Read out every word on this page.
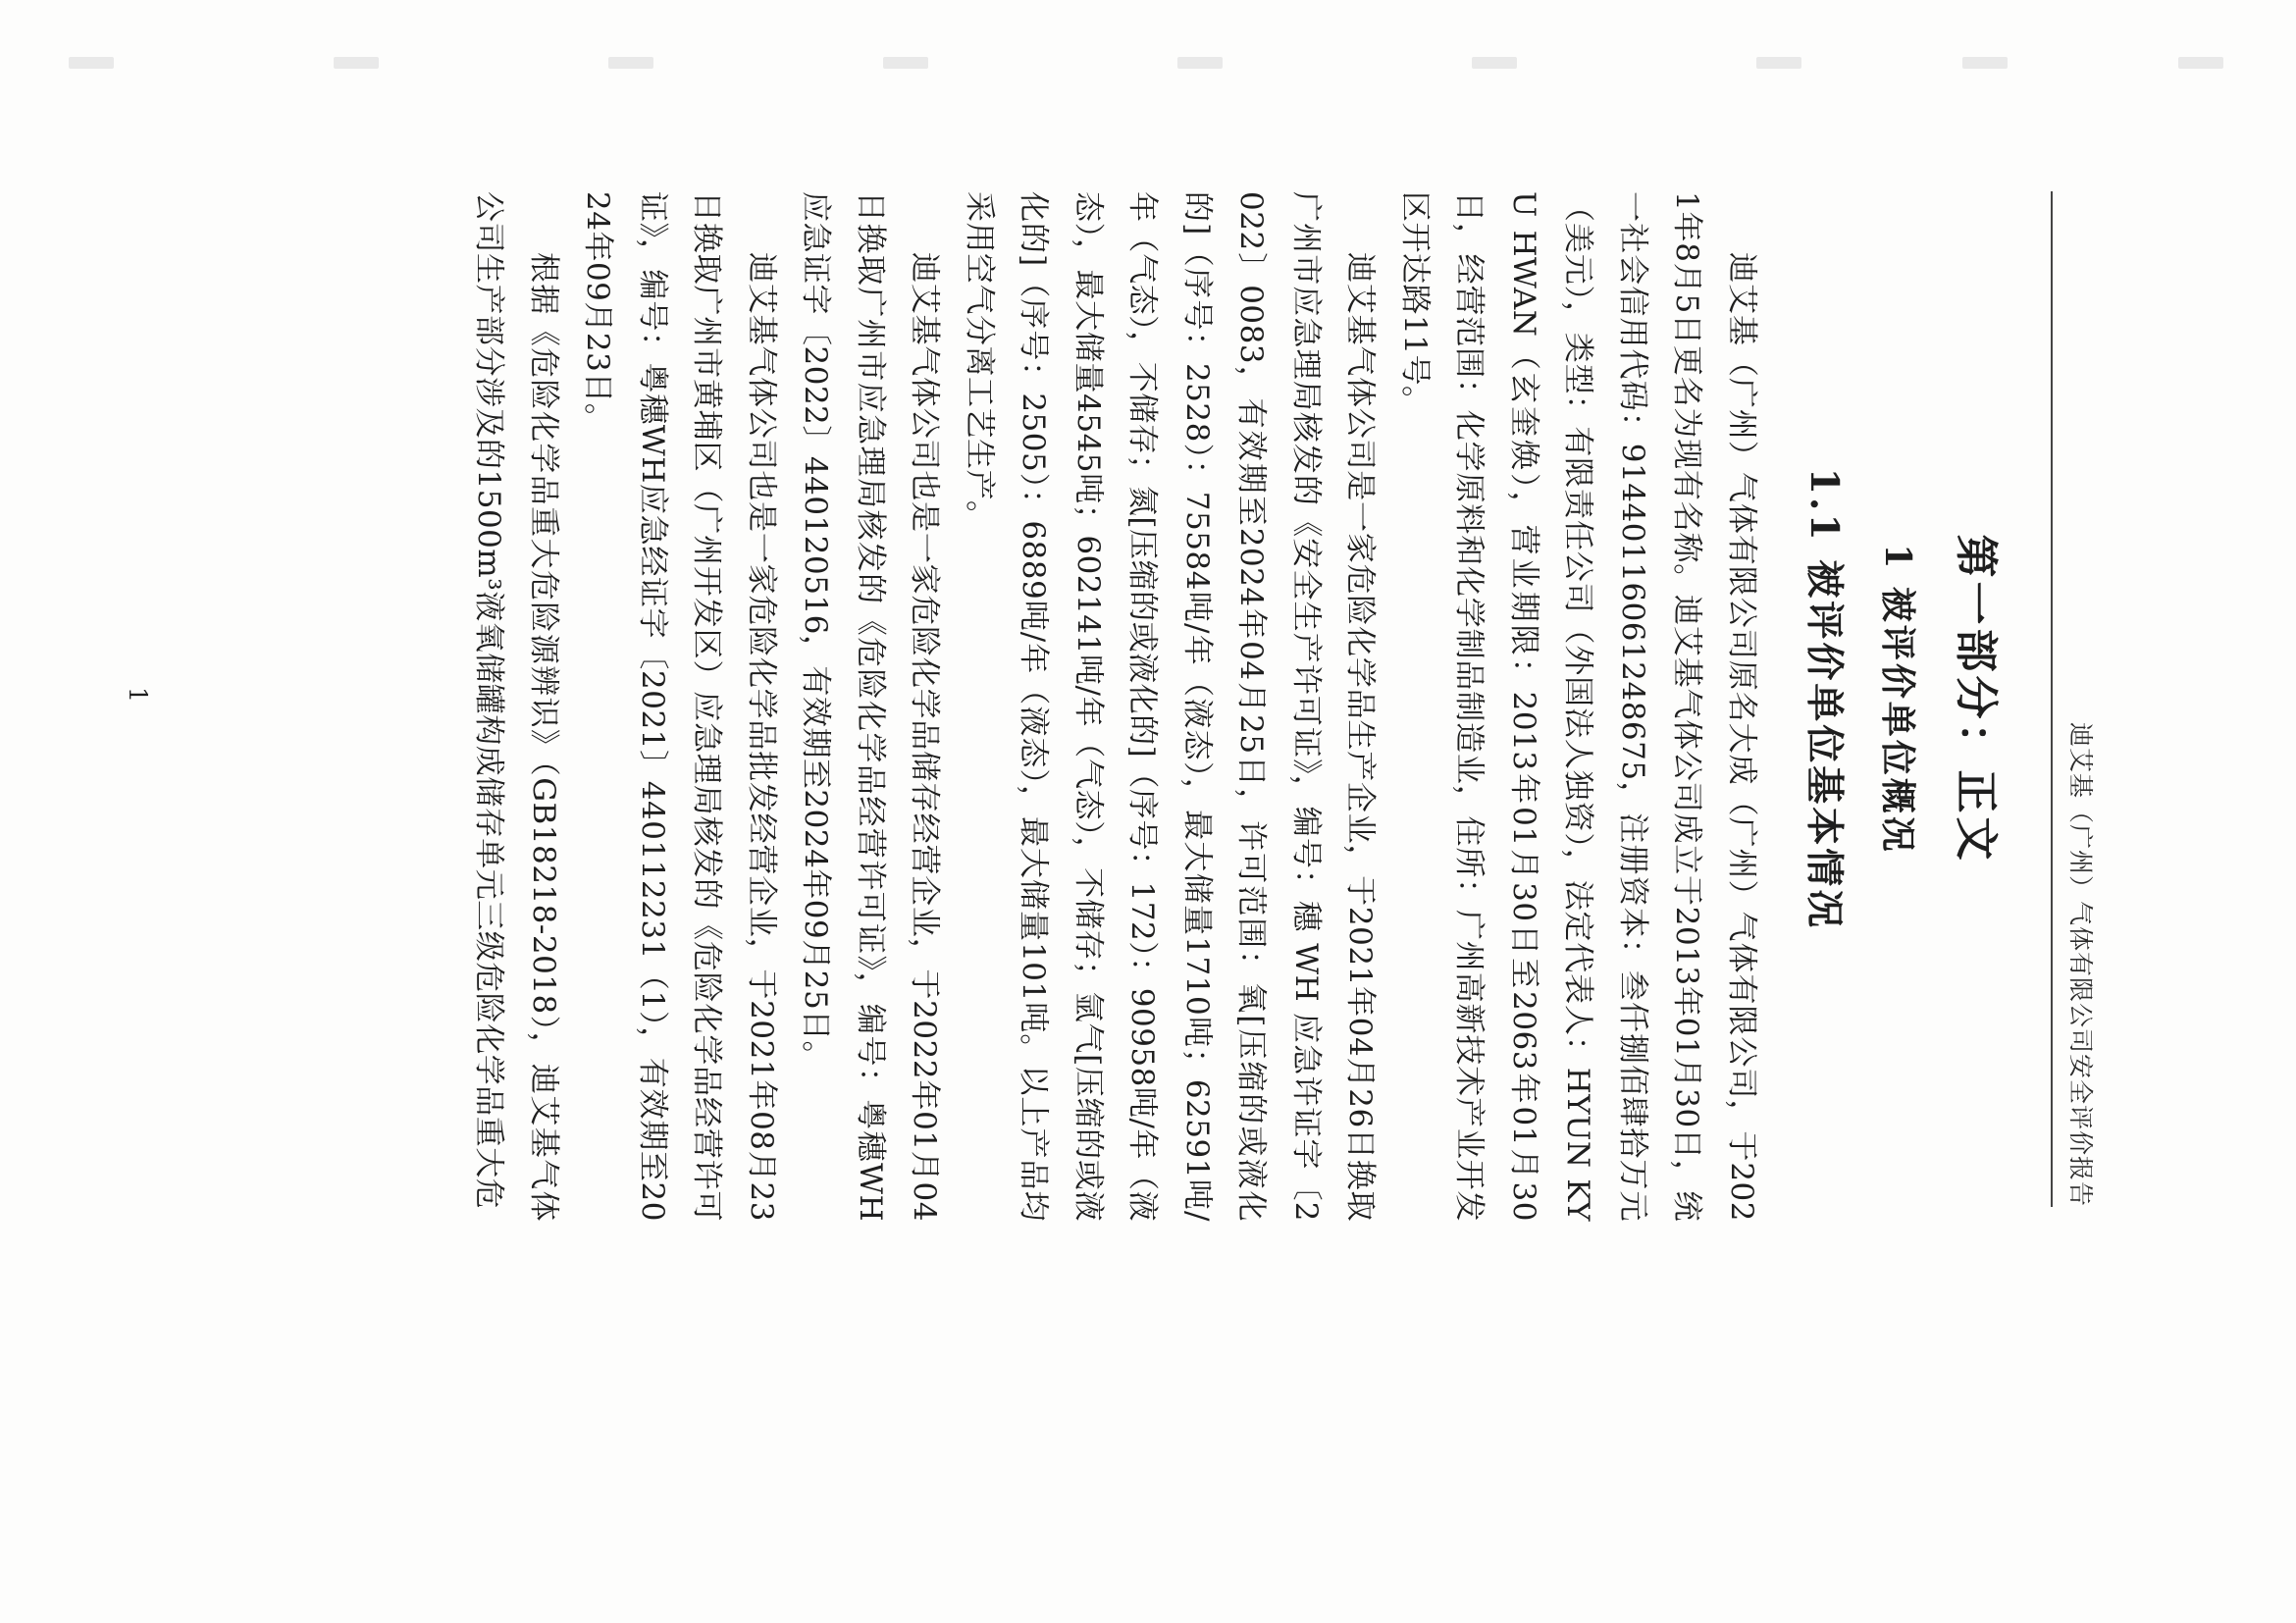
迪艾基（广州）气体有限公司安全评价报告
第一部分：正文
1 被评价单位概况
1.1 被评价单位基本情况

迪艾基（广州）气体有限公司原名大成（广州）气体有限公司，于2021年8月5日更名为现有名称。迪艾基气体公司成立于2013年01月30日，统一社会信用代码：91440116061248675，注册资本：叁仟捌佰肆拾万元（美元），类型：有限责任公司（外国法人独资），法定代表人：HYUN KYU HWAN（玄奎焕），营业期限：2013年01月30日至2063年01月30日，经营范围：化学原料和化学制品制造业，住所：广州高新技术产业开发区开达路11号。

迪艾基气体公司是一家危险化学品生产企业，于2021年04月26日换取广州市应急理局核发的《安全生产许可证》，编号：穗 WH 应急许证字〔2022〕0083，有效期至2024年04月25日，许可范围：氧[压缩的或液化的]（序号：2528）：75584吨/年（液态），最大储量1710吨；62591吨/年（气态），不储存；氮[压缩的或液化的]（序号：172）：90958吨/年（液态），最大储量4545吨；602141吨/年（气态），不储存；氩气[压缩的或液化的]（序号：2505）：6889吨/年（液态），最大储量101吨。以上产品均采用空气分离工艺生产。

迪艾基气体公司也是一家危险化学品储存经营企业，于2022年01月04日换取广州市应急理局核发的《危险化学品经营许可证》，编号：粤穗WH应急证字〔2022〕440120516，有效期至2024年09月25日。

迪艾基气体公司也是一家危险化学品批发经营企业，于2021年08月23日换取广州市黄埔区（广州开发区）应急理局核发的《危险化学品经营许可证》，编号：粤穗WH应急经证字〔2021〕440112231（1），有效期至2024年09月23日。

根据《危险化学品重大危险源辨识》（GB18218-2018），迪艾基气体公司生产部分涉及的1500m³液氧储罐构成储存单元三级危险化学品重大危

1
